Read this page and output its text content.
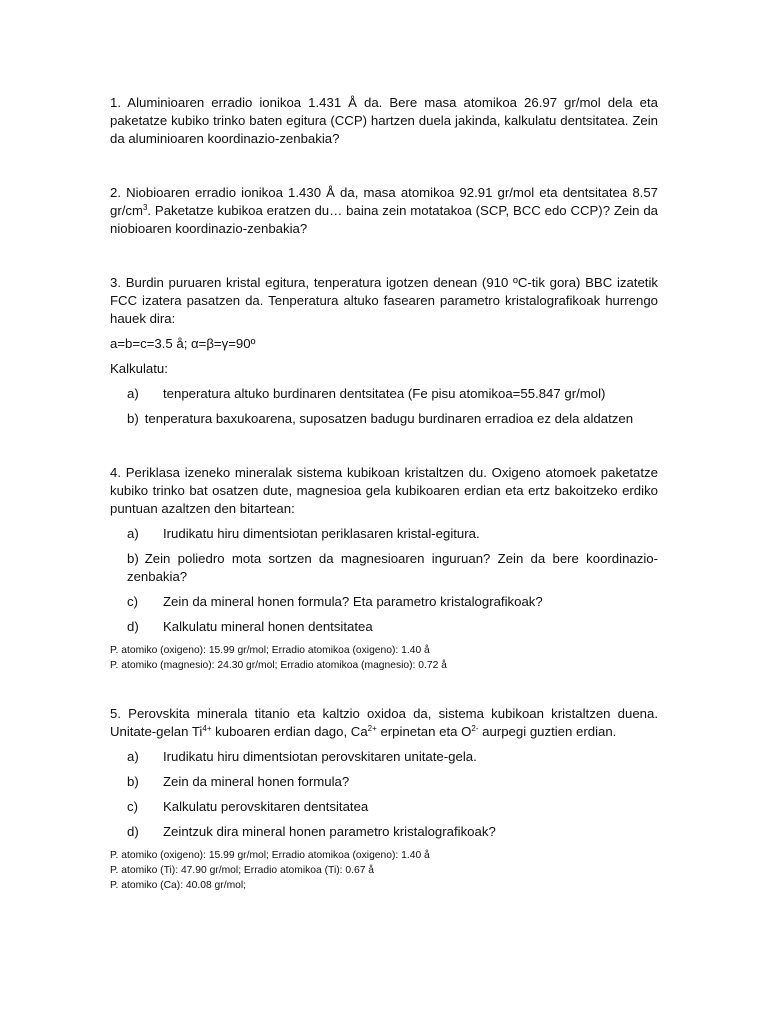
1. Aluminioaren erradio ionikoa 1.431 Å da. Bere masa atomikoa 26.97 gr/mol dela eta paketatze kubiko trinko baten egitura (CCP) hartzen duela jakinda, kalkulatu dentsitatea. Zein da aluminioaren koordinazio-zenbakia?

2. Niobioaren erradio ionikoa 1.430 Å da, masa atomikoa 92.91 gr/mol eta dentsitatea 8.57 $gr/cm^3$. Paketatze kubikoa eratzen du… baina zein motatakoa (SCP, BCC edo CCP)? Zein da niobioaren koordinazio-zenbakia?

3. Burdin puruaren kristal egitura, tenperatura igotzen denean (910 ºC-tik gora) BBC izatetik FCC izatera pasatzen da. Tenperatura altuko fasearen parametro kristalografikoak hurrengo hauek dira:

a=b=c=3.5 å; α=β=γ=90º

Kalkulatu:

a)	tenperatura altuko burdinaren dentsitatea (Fe pisu atomikoa=55.847 gr/mol)
b) tenperatura baxukoarena, suposatzen badugu burdinaren erradioa ez dela aldatzen

4. Periklasa izeneko mineralak sistema kubikoan kristaltzen du. Oxigeno atomoek paketatze kubiko trinko bat osatzen dute, magnesioa gela kubikoaren erdian eta ertz bakoitzeko erdiko puntuan azaltzen den bitartean:

a)	Irudikatu hiru dimentsiotan periklasaren kristal-egitura.
b) Zein poliedro mota sortzen da magnesioaren inguruan? Zein da bere koordinazio-zenbakia?
c)	Zein da mineral honen formula? Eta parametro kristalografikoak?
d)	Kalkulatu mineral honen dentsitatea

P. atomiko (oxigeno): 15.99 gr/mol; Erradio atomikoa (oxigeno): 1.40 å

P. atomiko (magnesio): 24.30 gr/mol; Erradio atomikoa (magnesio): 0.72 å

5. Perovskita minerala titanio eta kaltzio oxidoa da, sistema kubikoan kristaltzen duena. Unitate-gelan $Ti^{4+}$ kuboaren erdian dago, $Ca^{2+}$ erpinetan eta $O^{2-}$ aurpegi guztien erdian.

a)	Irudikatu hiru dimentsiotan perovskitaren unitate-gela.
b)	Zein da mineral honen formula?
c)	Kalkulatu perovskitaren dentsitatea
d)	Zeintzuk dira mineral honen parametro kristalografikoak?

P. atomiko (oxigeno): 15.99 gr/mol; Erradio atomikoa (oxigeno): 1.40 å

P. atomiko (Ti): 47.90 gr/mol; Erradio atomikoa (Ti): 0.67 å

P. atomiko (Ca): 40.08 gr/mol;
